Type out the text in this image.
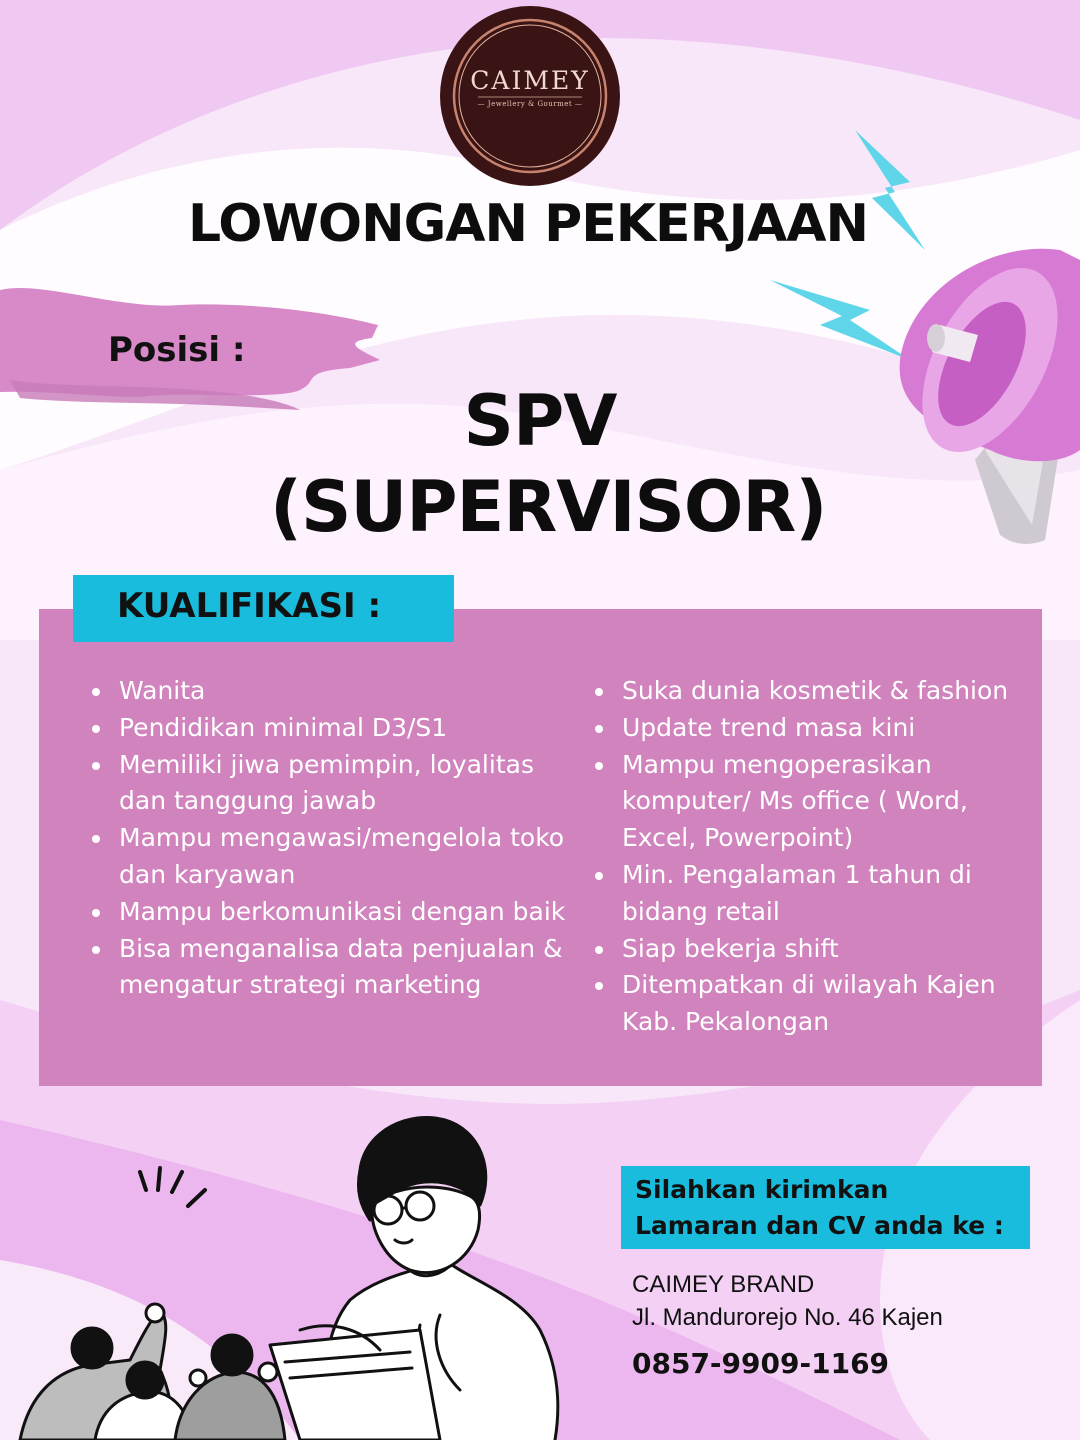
CAIMEY
— Jewellery & Gourmet —
LOWONGAN PEKERJAAN
Posisi :
SPV
(SUPERVISOR)
KUALIFIKASI :
Wanita
Pendidikan minimal D3/S1
Memiliki jiwa pemimpin, loyalitas dan tanggung jawab
Mampu mengawasi/mengelola toko dan karyawan
Mampu berkomunikasi dengan baik
Bisa menganalisa data penjualan & mengatur strategi marketing
Suka dunia kosmetik & fashion
Update trend masa kini
Mampu mengoperasikan komputer/ Ms office ( Word, Excel, Powerpoint)
Min. Pengalaman 1 tahun di bidang retail
Siap bekerja shift
Ditempatkan di wilayah Kajen Kab. Pekalongan
Silahkan kirimkan
Lamaran dan CV anda ke :
CAIMEY BRAND
Jl. Mandurorejo No. 46 Kajen
0857-9909-1169
